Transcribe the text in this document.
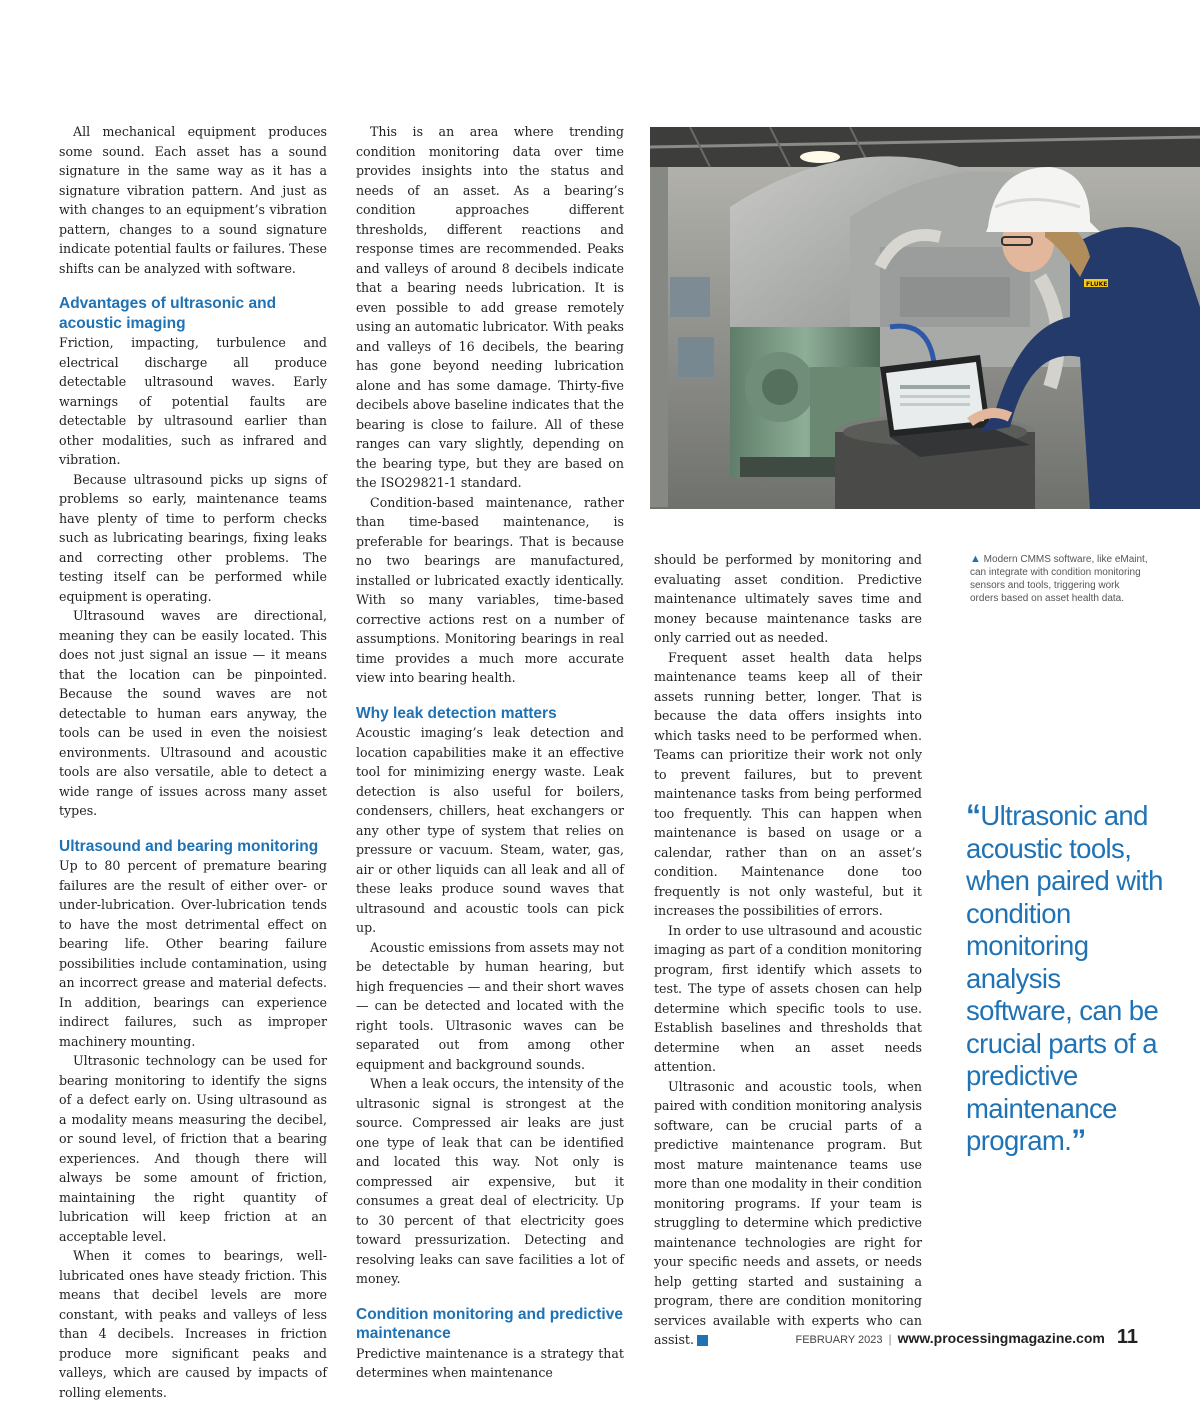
All mechanical equipment produces some sound. Each asset has a sound signature in the same way as it has a signature vibration pattern. And just as with changes to an equipment’s vibration pattern, changes to a sound signature indicate potential faults or failures. These shifts can be analyzed with software.

Advantages of ultrasonic and acoustic imaging

Friction, impacting, turbulence and electrical discharge all produce detectable ultrasound waves. Early warnings of potential faults are detectable by ultrasound earlier than other modalities, such as infrared and vibration.

Because ultrasound picks up signs of problems so early, maintenance teams have plenty of time to perform checks such as lubricating bearings, fixing leaks and correcting other problems. The testing itself can be performed while equipment is operating.

Ultrasound waves are directional, meaning they can be easily located. This does not just signal an issue — it means that the location can be pinpointed. Because the sound waves are not detectable to human ears anyway, the tools can be used in even the noisiest environments. Ultrasound and acoustic tools are also versatile, able to detect a wide range of issues across many asset types.

Ultrasound and bearing monitoring

Up to 80 percent of premature bearing failures are the result of either over- or under-lubrication. Over-lubrication tends to have the most detrimental effect on bearing life. Other bearing failure possibilities include contamination, using an incorrect grease and material defects. In addition, bearings can experience indirect failures, such as improper machinery mounting.

Ultrasonic technology can be used for bearing monitoring to identify the signs of a defect early on. Using ultrasound as a modality means measuring the decibel, or sound level, of friction that a bearing experiences. And though there will always be some amount of friction, maintaining the right quantity of lubrication will keep friction at an acceptable level.

When it comes to bearings, well-lubricated ones have steady friction. This means that decibel levels are more constant, with peaks and valleys of less than 4 decibels. Increases in friction produce more significant peaks and valleys, which are caused by impacts of rolling elements.

This is an area where trending condition monitoring data over time provides insights into the status and needs of an asset. As a bearing’s condition approaches different thresholds, different reactions and response times are recommended. Peaks and valleys of around 8 decibels indicate that a bearing needs lubrication. It is even possible to add grease remotely using an automatic lubricator. With peaks and valleys of 16 decibels, the bearing has gone beyond needing lubrication alone and has some damage. Thirty-five decibels above baseline indicates that the bearing is close to failure. All of these ranges can vary slightly, depending on the bearing type, but they are based on the ISO29821-1 standard.

Condition-based maintenance, rather than time-based maintenance, is preferable for bearings. That is because no two bearings are manufactured, installed or lubricated exactly identically. With so many variables, time-based corrective actions rest on a number of assumptions. Monitoring bearings in real time provides a much more accurate view into bearing health.

Why leak detection matters

Acoustic imaging’s leak detection and location capabilities make it an effective tool for minimizing energy waste. Leak detection is also useful for boilers, condensers, chillers, heat exchangers or any other type of system that relies on pressure or vacuum. Steam, water, gas, air or other liquids can all leak and all of these leaks produce sound waves that ultrasound and acoustic tools can pick up.

Acoustic emissions from assets may not be detectable by human hearing, but high frequencies — and their short waves — can be detected and located with the right tools. Ultrasonic waves can be separated out from among other equipment and background sounds.

When a leak occurs, the intensity of the ultrasonic signal is strongest at the source. Compressed air leaks are just one type of leak that can be identified and located this way. Not only is compressed air expensive, but it consumes a great deal of electricity. Up to 30 percent of that electricity goes toward pressurization. Detecting and resolving leaks can save facilities a lot of money.

Condition monitoring and predictive maintenance

Predictive maintenance is a strategy that determines when maintenance

FLUKE
▲ Modern CMMS software, like eMaint, can integrate with condition monitoring sensors and tools, triggering work orders based on asset health data.

should be performed by monitoring and evaluating asset condition. Predictive maintenance ultimately saves time and money because maintenance tasks are only carried out as needed.

Frequent asset health data helps maintenance teams keep all of their assets running better, longer. That is because the data offers insights into which tasks need to be performed when. Teams can prioritize their work not only to prevent failures, but to prevent maintenance tasks from being performed too frequently. This can happen when maintenance is based on usage or a calendar, rather than on an asset’s condition. Maintenance done too frequently is not only wasteful, but it increases the possibilities of errors.

In order to use ultrasound and acoustic imaging as part of a condition monitoring program, first identify which assets to test. The type of assets chosen can help determine which specific tools to use. Establish baselines and thresholds that determine when an asset needs attention.

Ultrasonic and acoustic tools, when paired with condition monitoring analysis software, can be crucial parts of a predictive maintenance program. But most mature maintenance teams use more than one modality in their condition monitoring programs. If your team is struggling to determine which predictive maintenance technologies are right for your specific needs and assets, or needs help getting started and sustaining a program, there are condition monitoring services available with experts who can assist.

“Ultrasonic and acoustic tools, when paired with condition monitoring analysis software, can be crucial parts of a predictive maintenance program.”
FEBRUARY 2023 | www.processingmagazine.com 11
